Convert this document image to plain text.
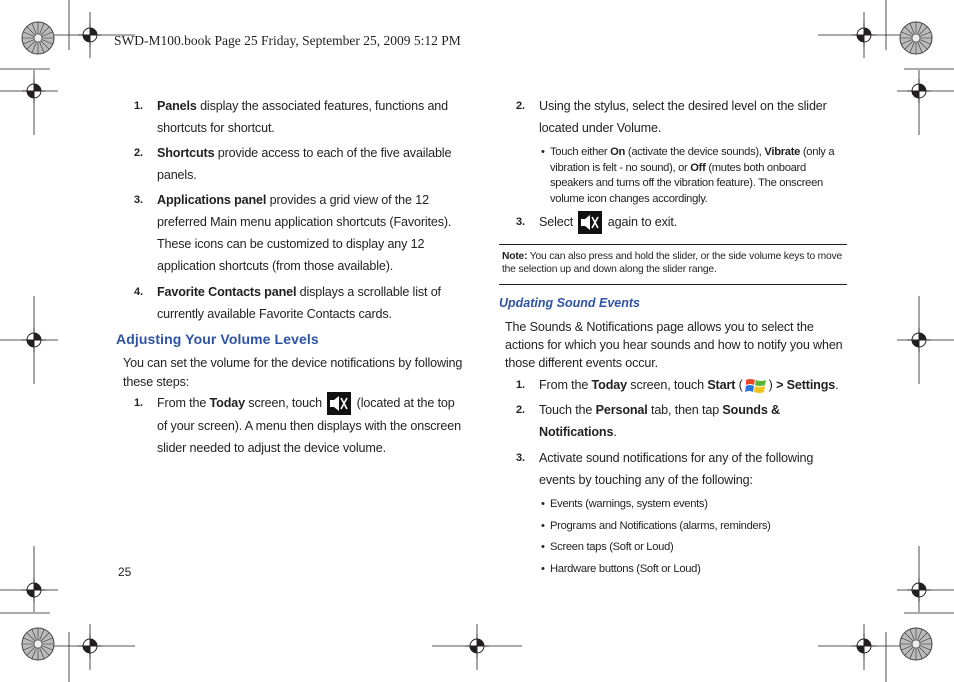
SWD-M100.book Page 25 Friday, September 25, 2009 5:12 PM

1. Panels display the associated features, functions and shortcuts for shortcut.

2. Shortcuts provide access to each of the five available panels.

3. Applications panel provides a grid view of the 12 preferred Main menu application shortcuts (Favorites). These icons can be customized to display any 12 application shortcuts (from those available).

4. Favorite Contacts panel displays a scrollable list of currently available Favorite Contacts cards.

Adjusting Your Volume Levels

You can set the volume for the device notifications by following these steps:

1. From the Today screen, touch  (located at the top of your screen). A menu then displays with the onscreen slider needed to adjust the device volume.

2. Using the stylus, select the desired level on the slider located under Volume.

• Touch either On (activate the device sounds), Vibrate (only a vibration is felt - no sound), or Off (mutes both onboard speakers and turns off the vibration feature). The onscreen volume icon changes accordingly.

3. Select  again to exit.

Note: You can also press and hold the slider, or the side volume keys to move the selection up and down along the slider range.
Updating Sound Events

The Sounds & Notifications page allows you to select the actions for which you hear sounds and how to notify you when those different events occur.

1. From the Today screen, touch Start ( ) > Settings.

2. Touch the Personal tab, then tap Sounds & Notifications.

3. Activate sound notifications for any of the following events by touching any of the following:

• Events (warnings, system events)

• Programs and Notifications (alarms, reminders)

• Screen taps (Soft or Loud)

• Hardware buttons (Soft or Loud)

25
